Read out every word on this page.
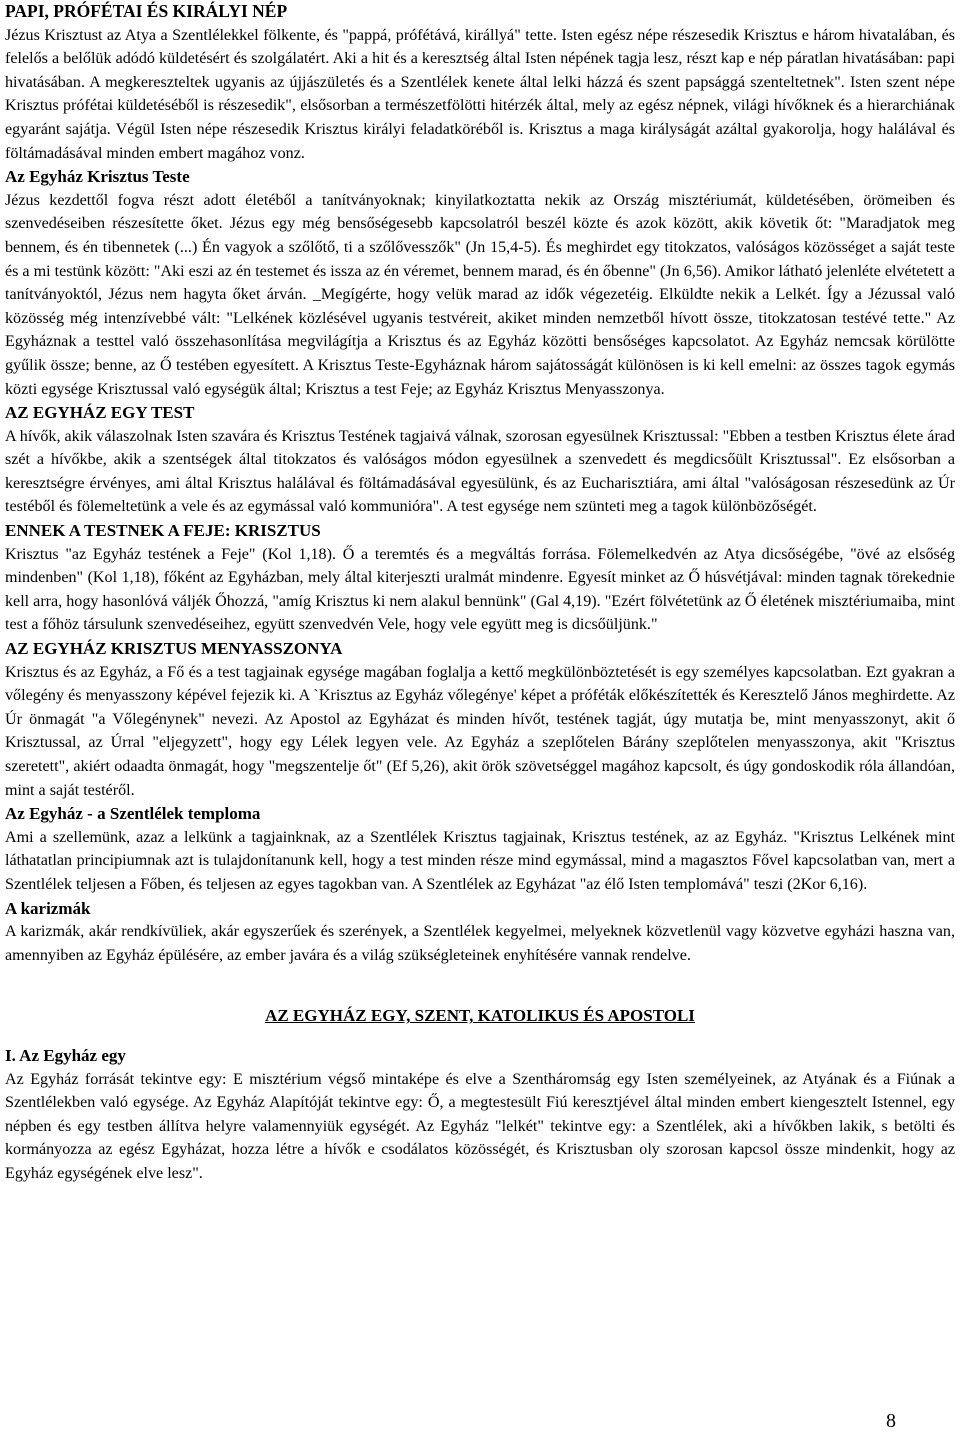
PAPI, PRÓFÉTAI ÉS KIRÁLYI NÉP

Jézus Krisztust az Atya a Szentlélekkel fölkente, és "pappá, prófétává, királlyá" tette. Isten egész népe részesedik Krisztus e három hivatalában, és felelős a belőlük adódó küldetésért és szolgálatért. Aki a hit és a keresztség által Isten népének tagja lesz, részt kap e nép páratlan hivatásában: papi hivatásában. A megkereszteltek ugyanis az újjászületés és a Szentlélek kenete által lelki házzá és szent papsággá szenteltetnek". Isten szent népe Krisztus prófétai küldetéséből is részesedik", elsősorban a természetfölötti hitérzék által, mely az egész népnek, világi hívőknek és a hierarchiának egyaránt sajátja. Végül Isten népe részesedik Krisztus királyi feladatköréből is. Krisztus a maga királyságát azáltal gyakorolja, hogy halálával és föltámadásával minden embert magához vonz.

Az Egyház Krisztus Teste

Jézus kezdettől fogva részt adott életéből a tanítványoknak; kinyilatkoztatta nekik az Ország misztériumát, küldetésében, örömeiben és szenvedéseiben részesítette őket. Jézus egy még bensőségesebb kapcsolatról beszél közte és azok között, akik követik őt: "Maradjatok meg bennem, és én tibennetek (...) Én vagyok a szőlőtő, ti a szőlővesszők" (Jn 15,4-5). És meghirdet egy titokzatos, valóságos közösséget a saját teste és a mi testünk között: "Aki eszi az én testemet és issza az én véremet, bennem marad, és én őbenne" (Jn 6,56). Amikor látható jelenléte elvétetett a tanítványoktól, Jézus nem hagyta őket árván. _Megígérte, hogy velük marad az idők végezetéig. Elküldte nekik a Lelkét. Így a Jézussal való közösség még intenzívebbé vált: "Lelkének közlésével ugyanis testvéreit, akiket minden nemzetből hívott össze, titokzatosan testévé tette." Az Egyháznak a testtel való összehasonlítása megvilágítja a Krisztus és az Egyház közötti bensőséges kapcsolatot. Az Egyház nemcsak körülötte gyűlik össze; benne, az Ő testében egyesített. A Krisztus Teste-Egyháznak három sajátosságát különösen is ki kell emelni: az összes tagok egymás közti egysége Krisztussal való egységük által; Krisztus a test Feje; az Egyház Krisztus Menyasszonya.

AZ EGYHÁZ EGY TEST

A hívők, akik válaszolnak Isten szavára és Krisztus Testének tagjaivá válnak, szorosan egyesülnek Krisztussal: "Ebben a testben Krisztus élete árad szét a hívőkbe, akik a szentségek által titokzatos és valóságos módon egyesülnek a szenvedett és megdicsőült Krisztussal". Ez elsősorban a keresztségre érvényes, ami által Krisztus halálával és föltámadásával egyesülünk, és az Eucharisztiára, ami által "valóságosan részesedünk az Úr testéből és fölemeltetünk a vele és az egymással való kommunióra". A test egysége nem szünteti meg a tagok különbözőségét.

ENNEK A TESTNEK A FEJE: KRISZTUS

Krisztus "az Egyház testének a Feje" (Kol 1,18). Ő a teremtés és a megváltás forrása. Fölemelkedvén az Atya dicsőségébe, "övé az elsőség mindenben" (Kol 1,18), főként az Egyházban, mely által kiterjeszti uralmát mindenre. Egyesít minket az Ő húsvétjával: minden tagnak törekednie kell arra, hogy hasonlóvá váljék Őhozzá, "amíg Krisztus ki nem alakul bennünk" (Gal 4,19). "Ezért fölvétetünk az Ő életének misztériumaiba, mint test a főhöz társulunk szenvedéseihez, együtt szenvedvén Vele, hogy vele együtt meg is dicsőüljünk."

AZ EGYHÁZ KRISZTUS MENYASSZONYA

Krisztus és az Egyház, a Fő és a test tagjainak egysége magában foglalja a kettő megkülönböztetését is egy személyes kapcsolatban. Ezt gyakran a vőlegény és menyasszony képével fejezik ki. A `Krisztus az Egyház vőlegénye' képet a próféták előkészítették és Keresztelő János meghirdette. Az Úr önmagát "a Vőlegénynek" nevezi. Az Apostol az Egyházat és minden hívőt, testének tagját, úgy mutatja be, mint menyasszonyt, akit ő Krisztussal, az Úrral "eljegyzett", hogy egy Lélek legyen vele. Az Egyház a szeplőtelen Bárány szeplőtelen menyasszonya, akit "Krisztus szeretett", akiért odaadta önmagát, hogy "megszentelje őt" (Ef 5,26), akit örök szövetséggel magához kapcsolt, és úgy gondoskodik róla állandóan, mint a saját testéről.

Az Egyház - a Szentlélek temploma

Ami a szellemünk, azaz a lelkünk a tagjainknak, az a Szentlélek Krisztus tagjainak, Krisztus testének, az az Egyház. "Krisztus Lelkének mint láthatatlan principiumnak azt is tulajdonítanunk kell, hogy a test minden része mind egymással, mind a magasztos Fővel kapcsolatban van, mert a Szentlélek teljesen a Főben, és teljesen az egyes tagokban van. A Szentlélek az Egyházat "az élő Isten templomává" teszi (2Kor 6,16).

A karizmák

A karizmák, akár rendkívüliek, akár egyszerűek és szerények, a Szentlélek kegyelmei, melyeknek közvetlenül vagy közvetve egyházi haszna van, amennyiben az Egyház épülésére, az ember javára és a világ szükségleteinek enyhítésére vannak rendelve.

AZ EGYHÁZ EGY, SZENT, KATOLIKUS ÉS APOSTOLI

I. Az Egyház egy

Az Egyház forrását tekintve egy: E misztérium végső mintaképe és elve a Szentháromság egy Isten személyeinek, az Atyának és a Fiúnak a Szentlélekben való egysége. Az Egyház Alapítóját tekintve egy: Ő, a megtestesült Fiú keresztjével által minden embert kiengesztelt Istennel, egy népben és egy testben állítva helyre valamennyiük egységét. Az Egyház "lelkét" tekintve egy: a Szentlélek, aki a hívőkben lakik, s betölti és kormányozza az egész Egyházat, hozza létre a hívők e csodálatos közösségét, és Krisztusban oly szorosan kapcsol össze mindenkit, hogy az Egyház egységének elve lesz".

8
